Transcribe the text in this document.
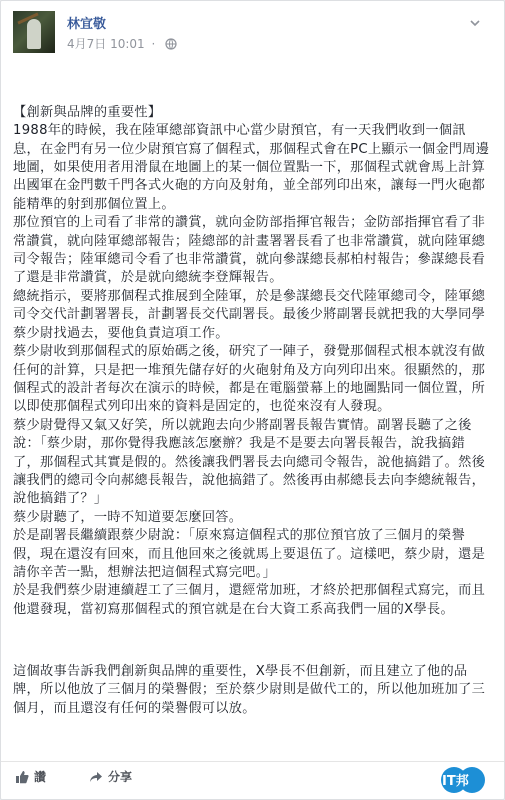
林宜敬
4月7日 10:01 ·

【創新與品牌的重要性】
1988年的時候，我在陸軍總部資訊中心當少尉預官，有一天我們收到一個訊息，在金門有另一位少尉預官寫了個程式，那個程式會在PC上顯示一個金門周邊地圖，如果使用者用滑鼠在地圖上的某一個位置點一下，那個程式就會馬上計算出國軍在金門數千門各式火砲的方向及射角，並全部列印出來，讓每一門火砲都能精準的射到那個位置上。
那位預官的上司看了非常的讚賞，就向金防部指揮官報告；金防部指揮官看了非常讚賞，就向陸軍總部報告；陸總部的計畫署署長看了也非常讚賞，就向陸軍總司令報告；陸軍總司令看了也非常讚賞，就向參謀總長郝柏村報告；參謀總長看了還是非常讚賞，於是就向總統李登輝報告。
總統指示，要將那個程式推展到全陸軍，於是參謀總長交代陸軍總司令，陸軍總司令交代計劃署署長，計劃署長交代副署長。最後少將副署長就把我的大學同學蔡少尉找過去，要他負責這項工作。
蔡少尉收到那個程式的原始碼之後，研究了一陣子，發覺那個程式根本就沒有做任何的計算，只是把一堆預先儲存好的火砲射角及方向列印出來。很顯然的，那個程式的設計者每次在演示的時候，都是在電腦螢幕上的地圖點同一個位置，所以即使那個程式列印出來的資料是固定的，也從來沒有人發現。
蔡少尉覺得又氣又好笑，所以就跑去向少將副署長報告實情。副署長聽了之後說：「蔡少尉，那你覺得我應該怎麼辦？我是不是要去向署長報告，說我搞錯了，那個程式其實是假的。然後讓我們署長去向總司令報告，說他搞錯了。然後讓我們的總司令向郝總長報告，說他搞錯了。然後再由郝總長去向李總統報告，說他搞錯了？」
蔡少尉聽了，一時不知道要怎麼回答。
於是副署長繼續跟蔡少尉說：「原來寫這個程式的那位預官放了三個月的榮譽假，現在還沒有回來，而且他回來之後就馬上要退伍了。這樣吧，蔡少尉，還是請你辛苦一點，想辦法把這個程式寫完吧。」
於是我們蔡少尉連續趕工了三個月，還經常加班，才終於把那個程式寫完，而且他還發現，當初寫那個程式的預官就是在台大資工系高我們一屆的X學長。

這個故事告訴我們創新與品牌的重要性，X學長不但創新，而且建立了他的品牌，所以他放了三個月的榮譽假；至於蔡少尉則是做代工的，所以他加班加了三個月，而且還沒有任何的榮譽假可以放。

讚	分享	IT邦 幫忙
